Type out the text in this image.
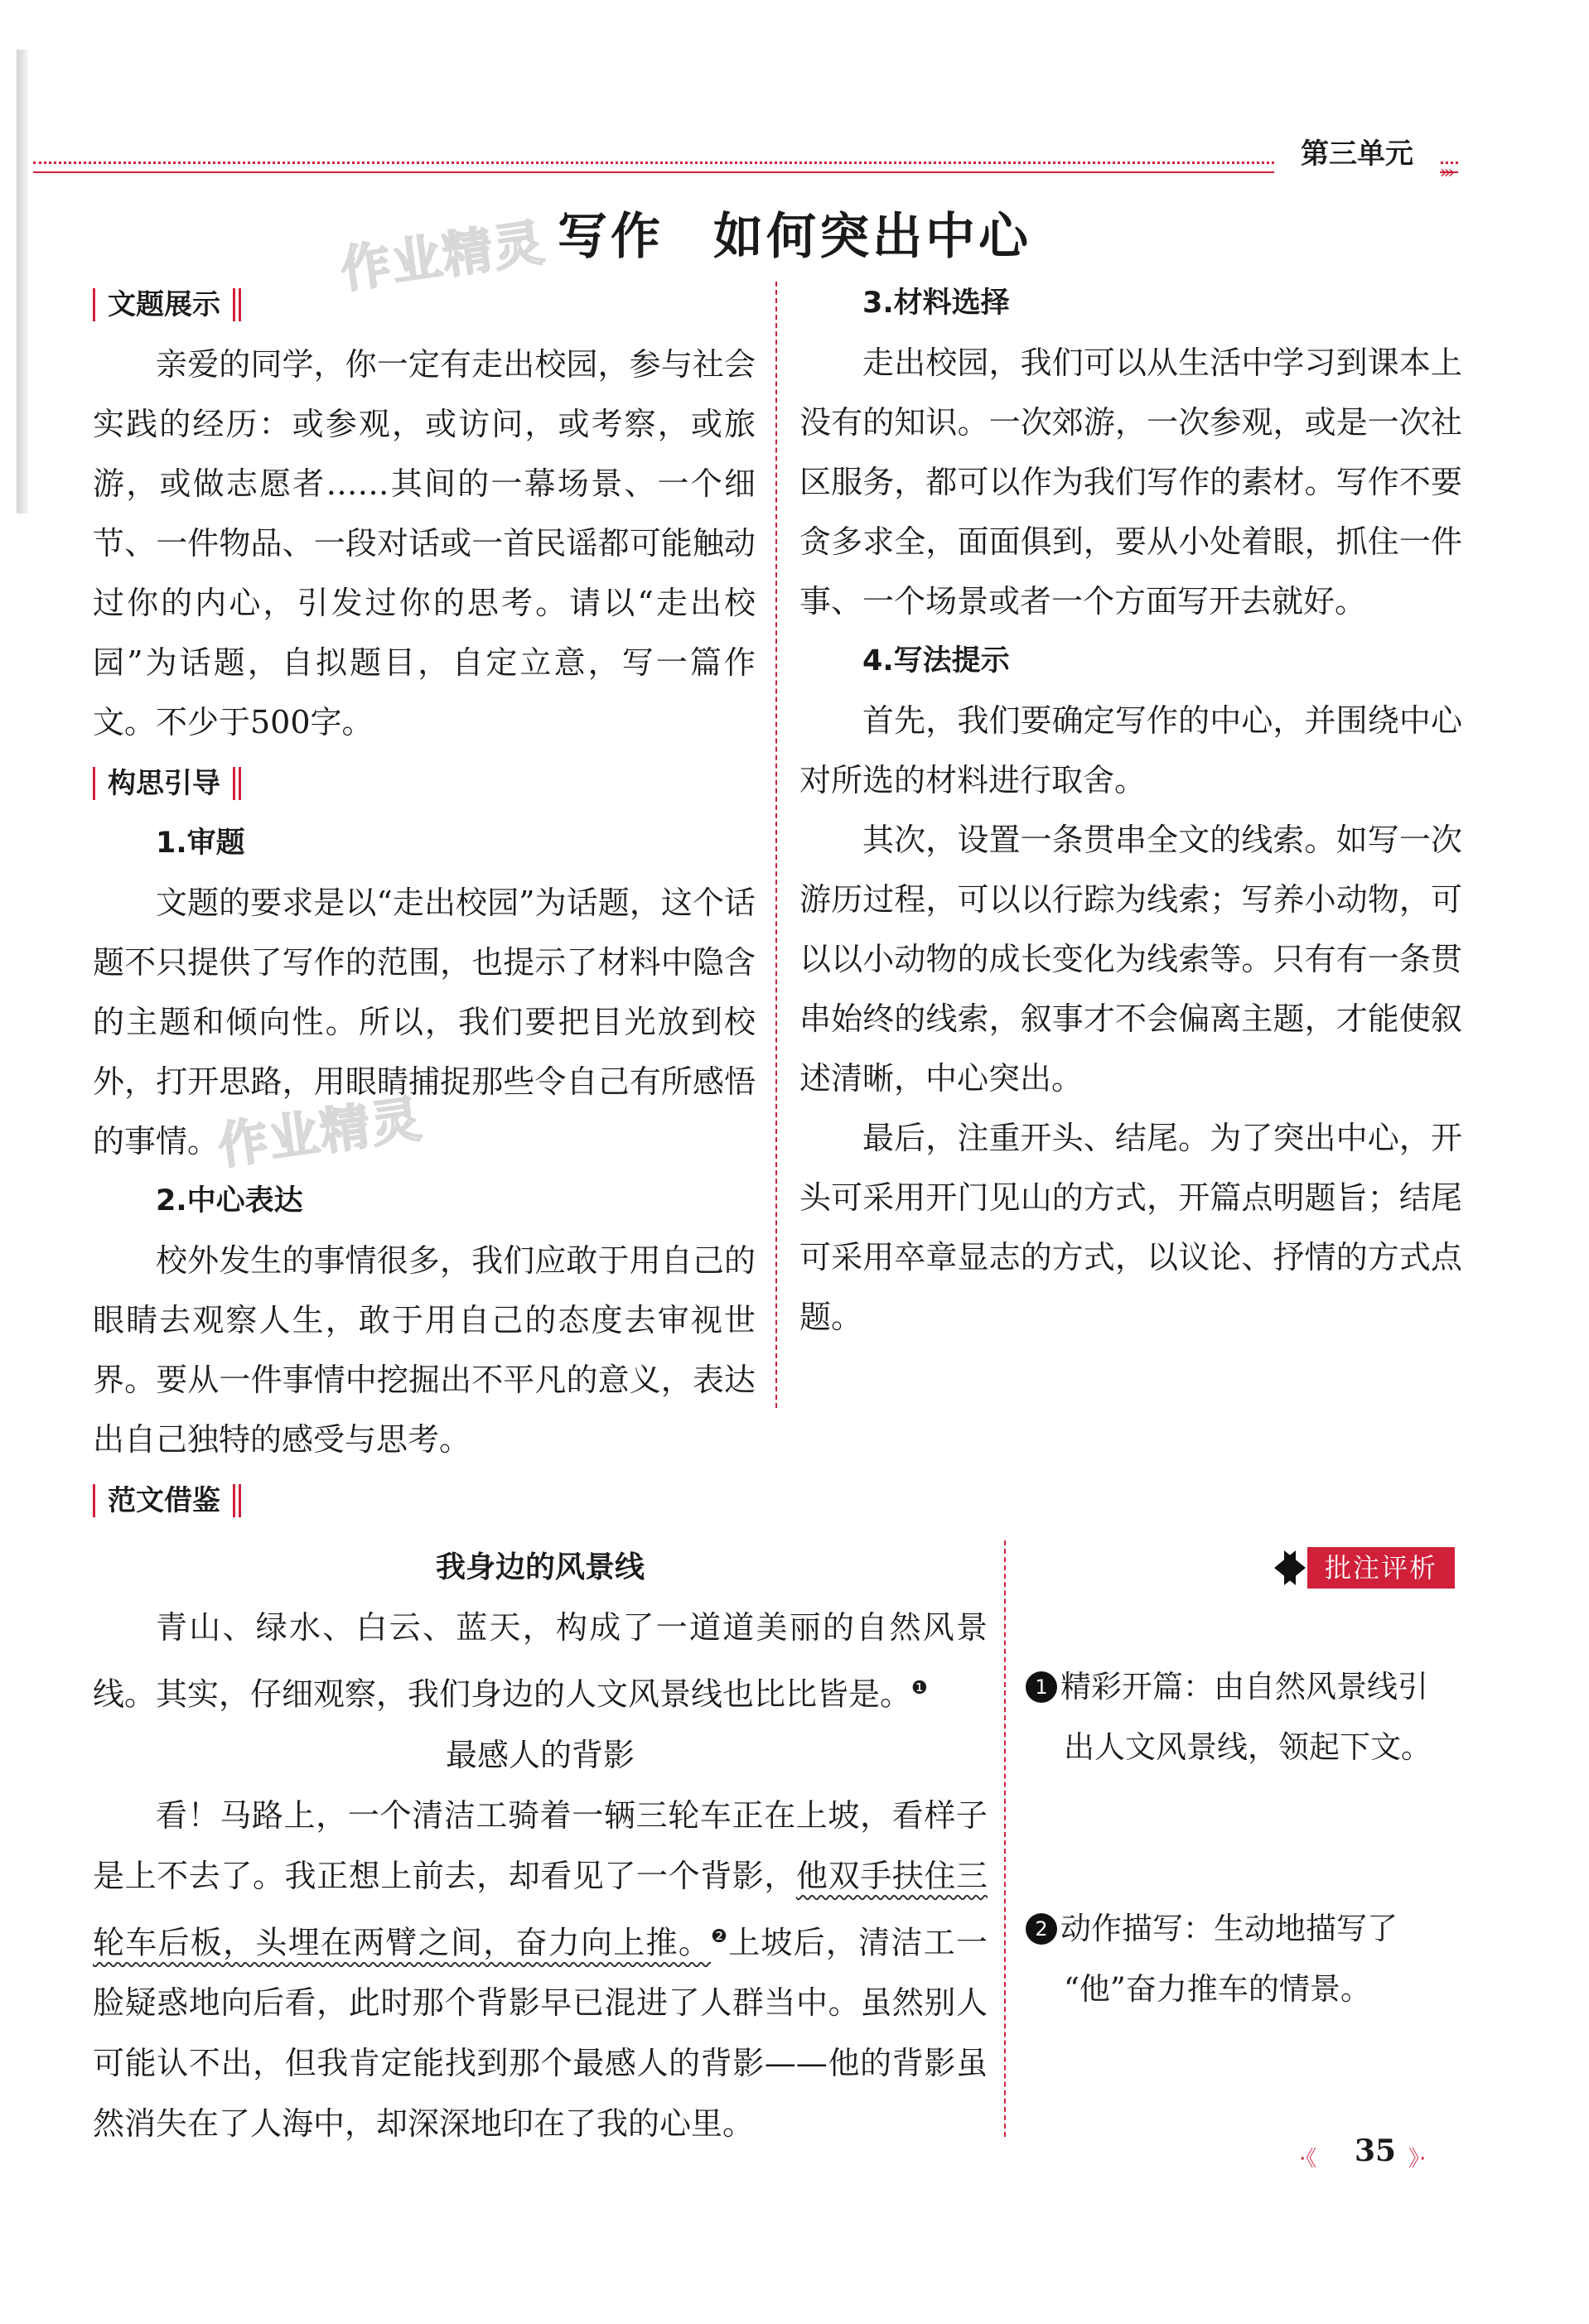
第三单元
›››
作业精灵
作业精灵
写作 如何突出中心
文题展示
亲爱的同学，你一定有走出校园，参与社会实践的经历：或参观，或访问，或考察，或旅游，或做志愿者……其间的一幕场景、一个细节、一件物品、一段对话或一首民谣都可能触动过你的内心，引发过你的思考。请以“走出校园”为话题，自拟题目，自定立意，写一篇作文。不少于500字。
构思引导
1.审题
文题的要求是以“走出校园”为话题，这个话题不只提供了写作的范围，也提示了材料中隐含的主题和倾向性。所以，我们要把目光放到校外，打开思路，用眼睛捕捉那些令自己有所感悟的事情。
2.中心表达
校外发生的事情很多，我们应敢于用自己的眼睛去观察人生，敢于用自己的态度去审视世界。要从一件事情中挖掘出不平凡的意义，表达出自己独特的感受与思考。
3.材料选择
走出校园，我们可以从生活中学习到课本上没有的知识。一次郊游，一次参观，或是一次社区服务，都可以作为我们写作的素材。写作不要贪多求全，面面俱到，要从小处着眼，抓住一件事、一个场景或者一个方面写开去就好。
4.写法提示
首先，我们要确定写作的中心，并围绕中心对所选的材料进行取舍。
其次，设置一条贯串全文的线索。如写一次游历过程，可以以行踪为线索；写养小动物，可以以小动物的成长变化为线索等。只有有一条贯串始终的线索，叙事才不会偏离主题，才能使叙述清晰，中心突出。
最后，注重开头、结尾。为了突出中心，开头可采用开门见山的方式，开篇点明题旨；结尾可采用卒章显志的方式，以议论、抒情的方式点题。
范文借鉴
我身边的风景线
青山、绿水、白云、蓝天，构成了一道道美丽的自然风景线。其实，仔细观察，我们身边的人文风景线也比比皆是。$^❶$
最感人的背影
看！马路上，一个清洁工骑着一辆三轮车正在上坡，看样子是上不去了。我正想上前去，却看见了一个背影，他双手扶住三轮车后板，头埋在两臂之间，奋力向上推。$^❷$上坡后，清洁工一脸疑惑地向后看，此时那个背影早已混进了人群当中。虽然别人可能认不出，但我肯定能找到那个最感人的背影——他的背影虽然消失在了人海中，却深深地印在了我的心里。
批注评析
1 精彩开篇：由自然风景线引
出人文风景线，领起下文。
2 动作描写：生动地描写了
“他”奋力推车的情景。
·《 35 》·
